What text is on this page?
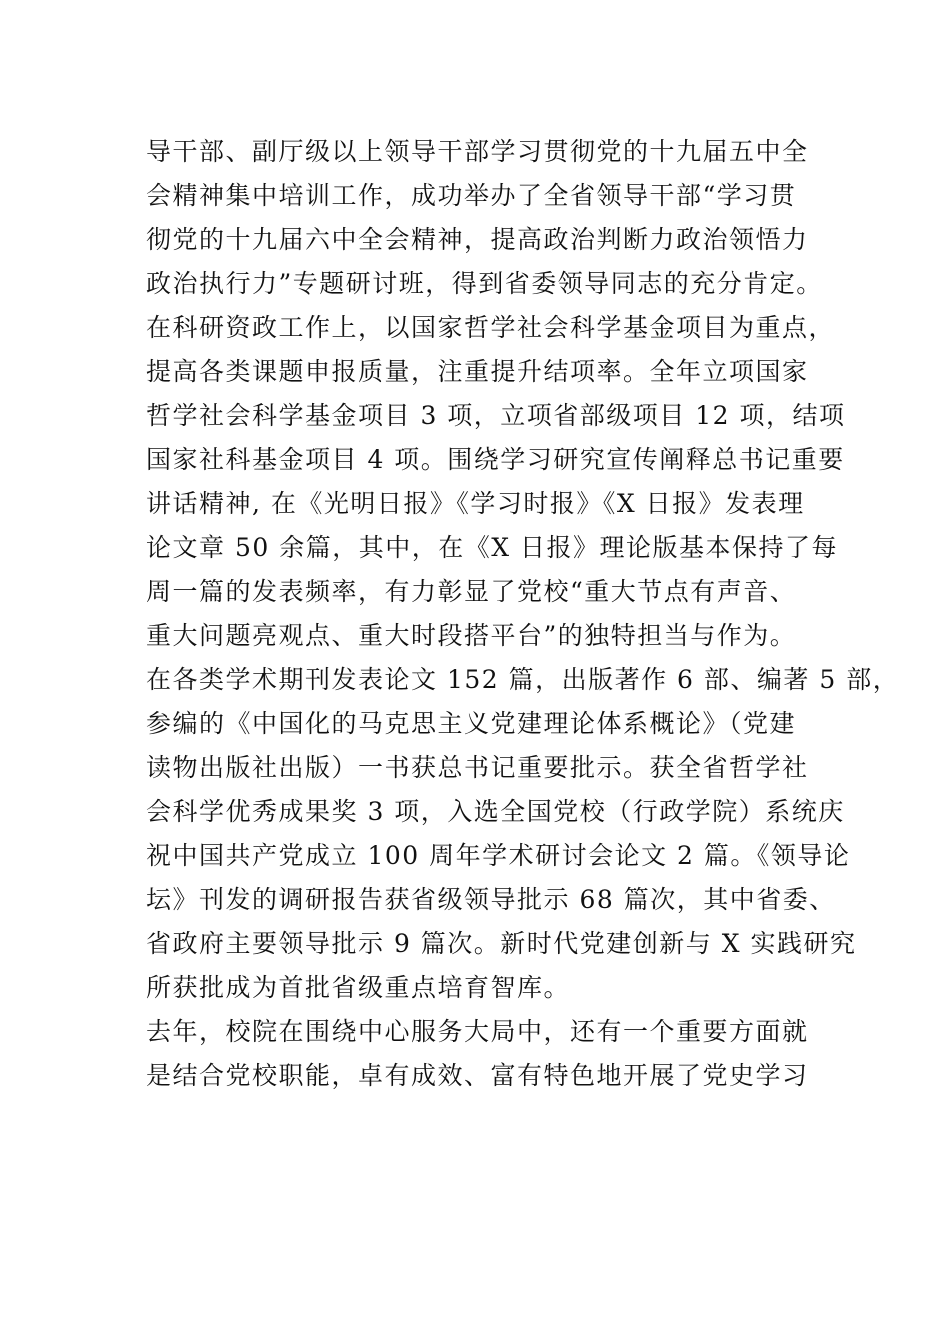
导干部、副厅级以上领导干部学习贯彻党的十九届五中全
会精神集中培训工作，成功举办了全省领导干部“学习贯
彻党的十九届六中全会精神，提高政治判断力政治领悟力
政治执行力”专题研讨班，得到省委领导同志的充分肯定。
在科研资政工作上，以国家哲学社会科学基金项目为重点，
提高各类课题申报质量，注重提升结项率。全年立项国家
哲学社会科学基金项目 3 项，立项省部级项目 12 项，结项
国家社科基金项目 4 项。围绕学习研究宣传阐释总书记重要
讲话精神, 在《光明日报》《学习时报》《X 日报》发表理
论文章 50 余篇，其中，在《X 日报》理论版基本保持了每
周一篇的发表频率，有力彰显了党校“重大节点有声音、
重大问题亮观点、重大时段搭平台”的独特担当与作为。
在各类学术期刊发表论文 152 篇，出版著作 6 部、编著 5 部，
参编的《中国化的马克思主义党建理论体系概论》（党建
读物出版社出版）一书获总书记重要批示。获全省哲学社
会科学优秀成果奖 3 项，入选全国党校（行政学院）系统庆
祝中国共产党成立 100 周年学术研讨会论文 2 篇。《领导论
坛》刊发的调研报告获省级领导批示 68 篇次，其中省委、
省政府主要领导批示 9 篇次。新时代党建创新与 X 实践研究
所获批成为首批省级重点培育智库。
去年，校院在围绕中心服务大局中，还有一个重要方面就
是结合党校职能，卓有成效、富有特色地开展了党史学习
